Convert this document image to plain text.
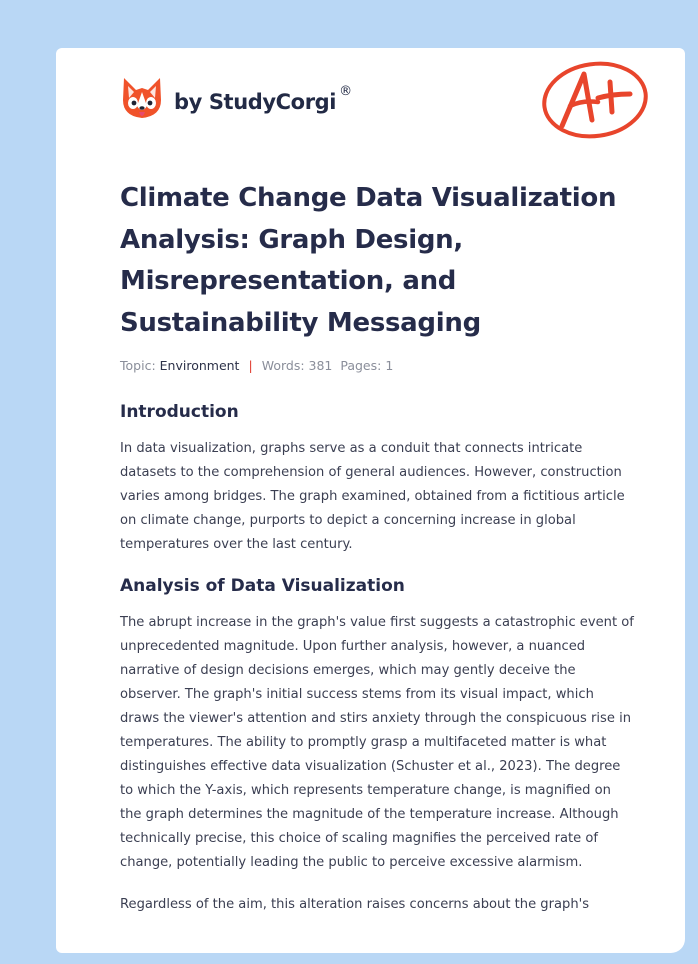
by StudyCorgi ®
Climate Change Data Visualization Analysis: Graph Design, Misrepresentation, and Sustainability Messaging
Topic: Environment | Words: 381 Pages: 1
Introduction

In data visualization, graphs serve as a conduit that connects intricate datasets to the comprehension of general audiences. However, construction varies among bridges. The graph examined, obtained from a fictitious article on climate change, purports to depict a concerning increase in global temperatures over the last century.

Analysis of Data Visualization

The abrupt increase in the graph's value first suggests a catastrophic event of unprecedented magnitude. Upon further analysis, however, a nuanced narrative of design decisions emerges, which may gently deceive the observer. The graph's initial success stems from its visual impact, which draws the viewer's attention and stirs anxiety through the conspicuous rise in temperatures. The ability to promptly grasp a multifaceted matter is what distinguishes effective data visualization (Schuster et al., 2023). The degree to which the Y-axis, which represents temperature change, is magnified on the graph determines the magnitude of the temperature increase. Although technically precise, this choice of scaling magnifies the perceived rate of change, potentially leading the public to perceive excessive alarmism.

Regardless of the aim, this alteration raises concerns about the graph's
